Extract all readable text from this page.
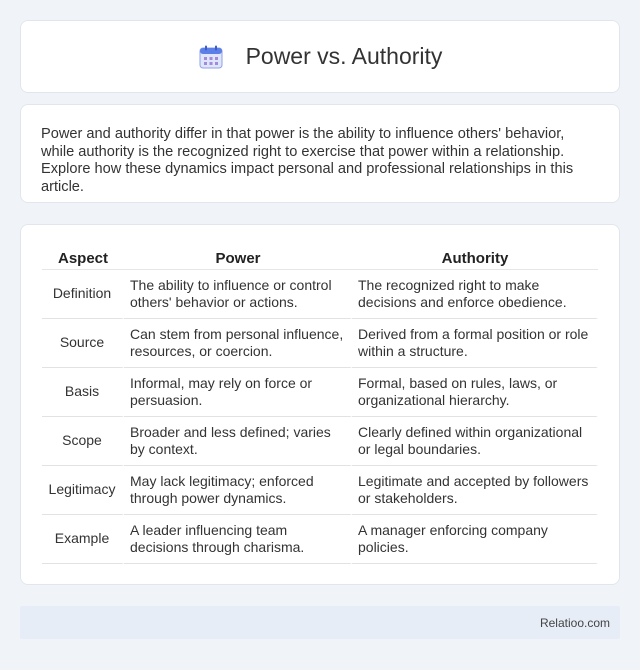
Power vs. Authority

Power and authority differ in that power is the ability to influence others' behavior, while authority is the recognized right to exercise that power within a relationship. Explore how these dynamics impact personal and professional relationships in this article.

Aspect	Power	Authority
Definition	The ability to influence or control others' behavior or actions.	The recognized right to make decisions and enforce obedience.
Source	Can stem from personal influence, resources, or coercion.	Derived from a formal position or role within a structure.
Basis	Informal, may rely on force or persuasion.	Formal, based on rules, laws, or organizational hierarchy.
Scope	Broader and less defined; varies by context.	Clearly defined within organizational or legal boundaries.
Legitimacy	May lack legitimacy; enforced through power dynamics.	Legitimate and accepted by followers or stakeholders.
Example	A leader influencing team decisions through charisma.	A manager enforcing company policies.
Relatioo.com
